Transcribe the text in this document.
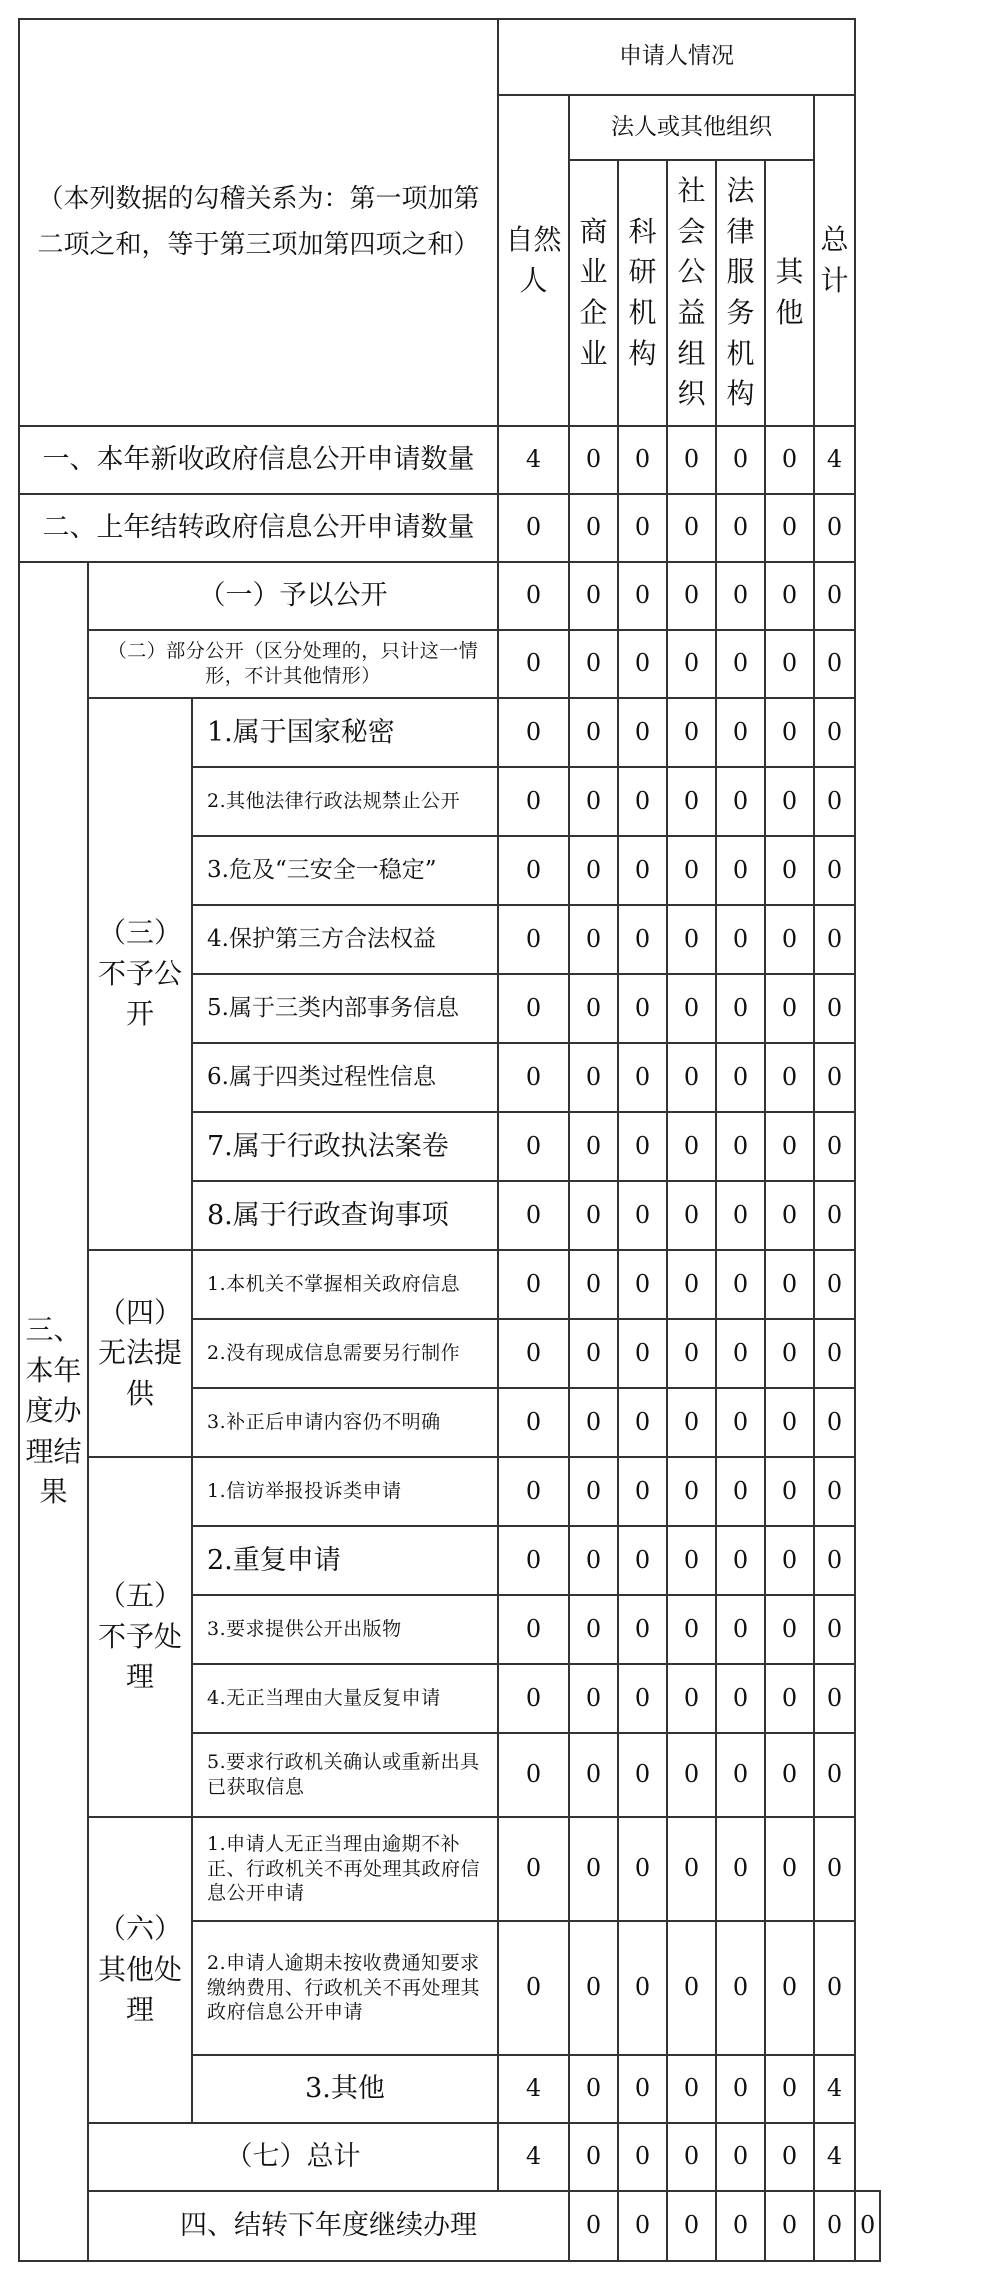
（本列数据的勾稽关系为：第一项加第二项之和，等于第三项加第四项之和）			申请人情况							
			自然人	法人或其他组织					总计	
				商业企业	科研机构	社会公益组织	法律服务机构	其他		
一、本年新收政府信息公开申请数量			4	0	0	0	0	0	4	
二、上年结转政府信息公开申请数量			0	0	0	0	0	0	0	
三、本年度办理结果	（一）予以公开		0	0	0	0	0	0	0	
	（二）部分公开（区分处理的，只计这一情形，不计其他情形）		0	0	0	0	0	0	0	
	（三）不予公开	1.属于国家秘密	0	0	0	0	0	0	0	
		2.其他法律行政法规禁止公开	0	0	0	0	0	0	0	
		3.危及“三安全一稳定”	0	0	0	0	0	0	0	
		4.保护第三方合法权益	0	0	0	0	0	0	0	
		5.属于三类内部事务信息	0	0	0	0	0	0	0	
		6.属于四类过程性信息	0	0	0	0	0	0	0	
		7.属于行政执法案卷	0	0	0	0	0	0	0	
		8.属于行政查询事项	0	0	0	0	0	0	0	
	（四）无法提供	1.本机关不掌握相关政府信息	0	0	0	0	0	0	0	
		2.没有现成信息需要另行制作	0	0	0	0	0	0	0	
		3.补正后申请内容仍不明确	0	0	0	0	0	0	0	
	（五）不予处理	1.信访举报投诉类申请	0	0	0	0	0	0	0	
		2.重复申请	0	0	0	0	0	0	0	
		3.要求提供公开出版物	0	0	0	0	0	0	0	
		4.无正当理由大量反复申请	0	0	0	0	0	0	0	
		5.要求行政机关确认或重新出具已获取信息	0	0	0	0	0	0	0	
	（六）其他处理	1.申请人无正当理由逾期不补正、行政机关不再处理其政府信息公开申请	0	0	0	0	0	0	0	
		2.申请人逾期未按收费通知要求缴纳费用、行政机关不再处理其政府信息公开申请	0	0	0	0	0	0	0	
		3.其他	4	0	0	0	0	0	4	
	（七）总计		4	0	0	0	0	0	4	
	四、结转下年度继续办理			0	0	0	0	0	0	0
